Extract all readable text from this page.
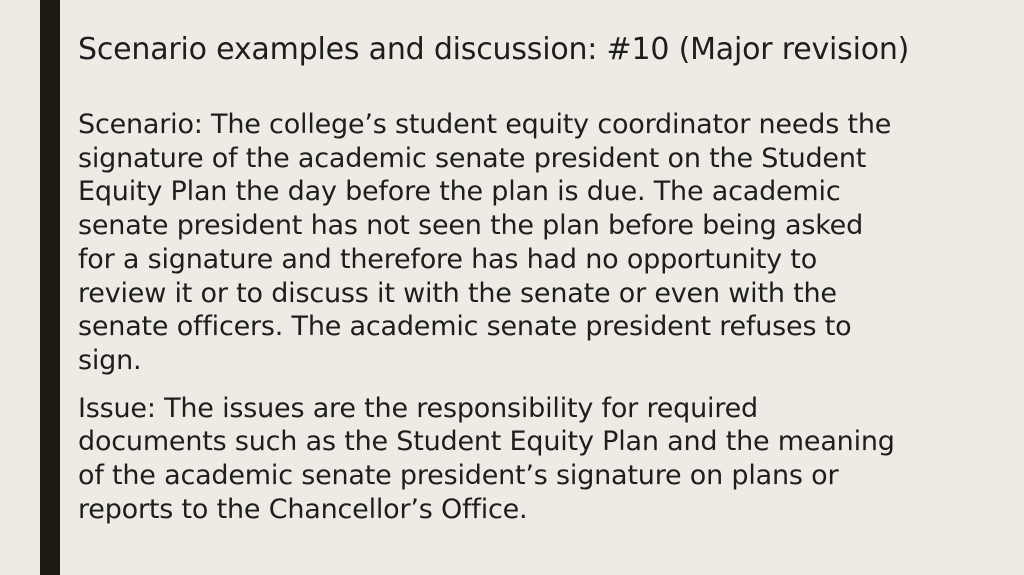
Scenario examples and discussion: #10 (Major revision)

Scenario: The college’s student equity coordinator needs the
signature of the academic senate president on the Student
Equity Plan the day before the plan is due. The academic
senate president has not seen the plan before being asked
for a signature and therefore has had no opportunity to
review it or to discuss it with the senate or even with the
senate officers. The academic senate president refuses to
sign.

Issue: The issues are the responsibility for required
documents such as the Student Equity Plan and the meaning
of the academic senate president’s signature on plans or
reports to the Chancellor’s Office.
